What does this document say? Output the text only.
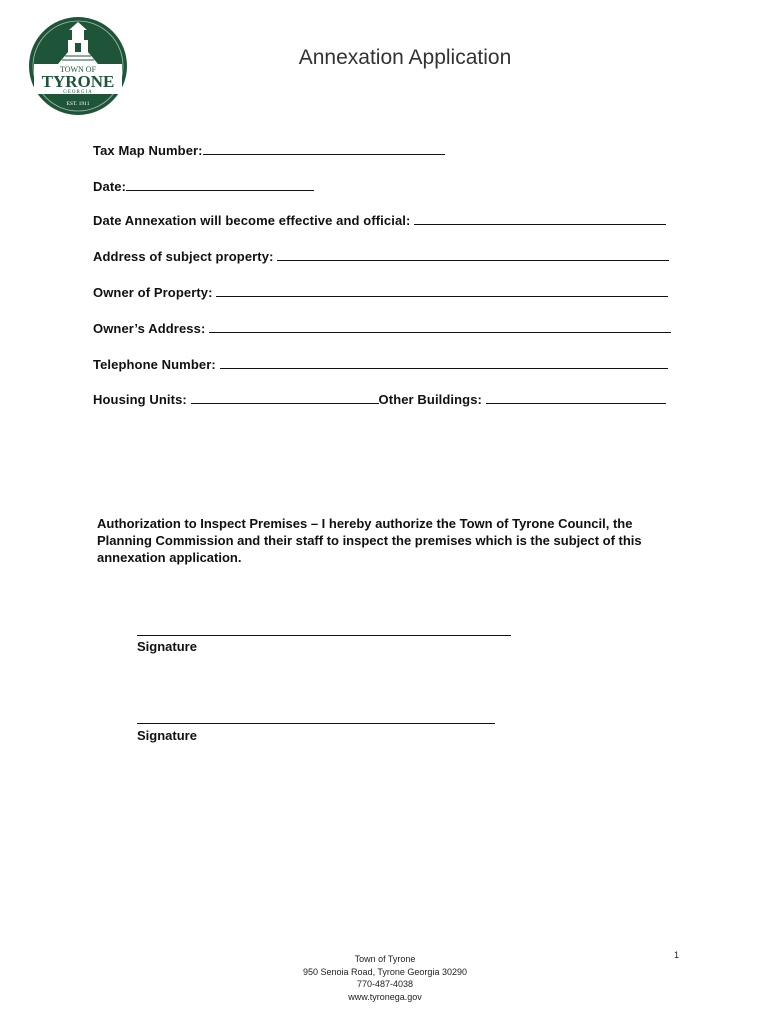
TOWN OF
TYRONE
GEORGIA
EST. 1911
Annexation Application
Tax Map Number:
Date:
Date Annexation will become effective and official:
Address of subject property:
Owner of Property:
Owner’s Address:
Telephone Number:
Housing Units:	Other Buildings:
Authorization to Inspect Premises – I hereby authorize the Town of Tyrone Council, the Planning Commission and their staff to inspect the premises which is the subject of this annexation application.
Signature
Signature
Town of Tyrone
950 Senoia Road, Tyrone Georgia 30290
770-487-4038
www.tyronega.gov
1
